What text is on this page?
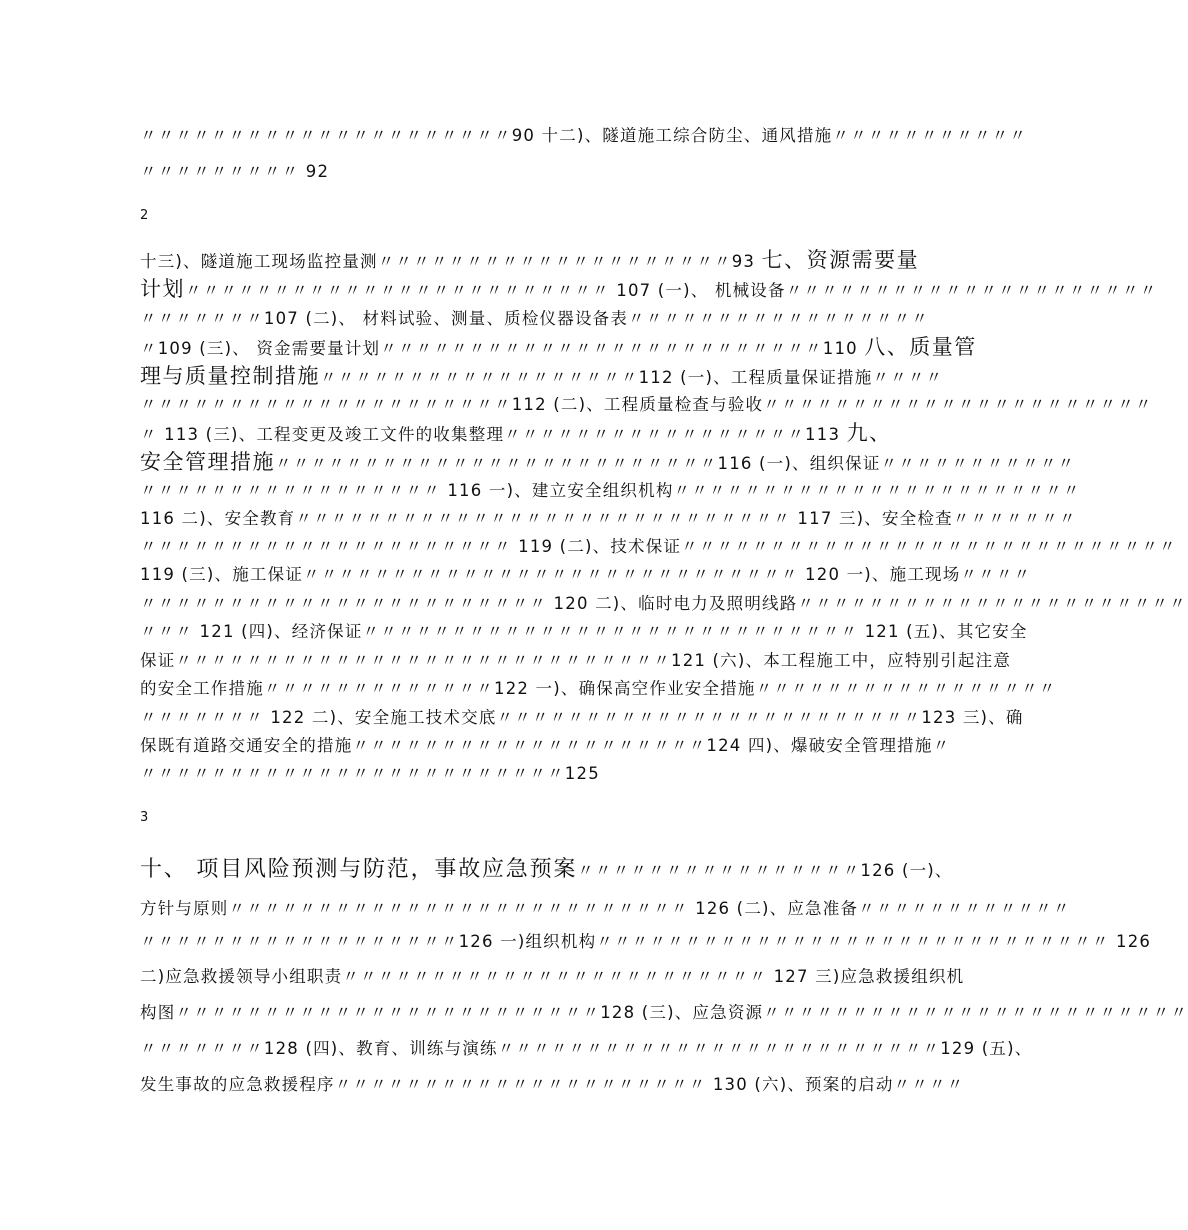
〃〃〃〃〃〃〃〃〃〃〃〃〃〃〃〃〃〃〃〃〃90 十二)、隧道施工综合防尘、通风措施〃〃〃〃〃〃〃〃〃〃〃
〃〃〃〃〃〃〃〃〃 92
2
十三)、隧道施工现场监控量测〃〃〃〃〃〃〃〃〃〃〃〃〃〃〃〃〃〃〃〃93 七、资源需要量
计划〃〃〃〃〃〃〃〃〃〃〃〃〃〃〃〃〃〃〃〃〃〃〃〃 107 (一)、 机械设备〃〃〃〃〃〃〃〃〃〃〃〃〃〃〃〃〃〃〃〃〃
〃〃〃〃〃〃〃107 (二)、 材料试验、测量、质检仪器设备表〃〃〃〃〃〃〃〃〃〃〃〃〃〃〃〃〃
〃109 (三)、 资金需要量计划〃〃〃〃〃〃〃〃〃〃〃〃〃〃〃〃〃〃〃〃〃〃〃〃〃110 八、质量管
理与质量控制措施〃〃〃〃〃〃〃〃〃〃〃〃〃〃〃〃〃〃112 (一)、工程质量保证措施〃〃〃〃
〃〃〃〃〃〃〃〃〃〃〃〃〃〃〃〃〃〃〃〃〃112 (二)、工程质量检查与验收〃〃〃〃〃〃〃〃〃〃〃〃〃〃〃〃〃〃〃〃〃〃
〃 113 (三)、工程变更及竣工文件的收集整理〃〃〃〃〃〃〃〃〃〃〃〃〃〃〃〃〃113 九、
安全管理措施〃〃〃〃〃〃〃〃〃〃〃〃〃〃〃〃〃〃〃〃〃〃〃〃〃116 (一)、组织保证〃〃〃〃〃〃〃〃〃〃〃
〃〃〃〃〃〃〃〃〃〃〃〃〃〃〃〃〃 116 一)、建立安全组织机构〃〃〃〃〃〃〃〃〃〃〃〃〃〃〃〃〃〃〃〃〃〃〃
116 二)、安全教育〃〃〃〃〃〃〃〃〃〃〃〃〃〃〃〃〃〃〃〃〃〃〃〃〃〃〃〃 117 三)、安全检查〃〃〃〃〃〃〃
〃〃〃〃〃〃〃〃〃〃〃〃〃〃〃〃〃〃〃〃〃 119 (二)、技术保证〃〃〃〃〃〃〃〃〃〃〃〃〃〃〃〃〃〃〃〃〃〃〃〃〃〃〃〃
119 (三)、施工保证〃〃〃〃〃〃〃〃〃〃〃〃〃〃〃〃〃〃〃〃〃〃〃〃〃〃〃〃 120 一)、施工现场〃〃〃〃
〃〃〃〃〃〃〃〃〃〃〃〃〃〃〃〃〃〃〃〃〃〃〃 120 二)、临时电力及照明线路〃〃〃〃〃〃〃〃〃〃〃〃〃〃〃〃〃〃〃〃〃〃
〃〃〃 121 (四)、经济保证〃〃〃〃〃〃〃〃〃〃〃〃〃〃〃〃〃〃〃〃〃〃〃〃〃〃〃〃 121 (五)、其它安全
保证〃〃〃〃〃〃〃〃〃〃〃〃〃〃〃〃〃〃〃〃〃〃〃〃〃〃〃〃121 (六)、本工程施工中，应特别引起注意
的安全工作措施〃〃〃〃〃〃〃〃〃〃〃〃〃122 一)、确保高空作业安全措施〃〃〃〃〃〃〃〃〃〃〃〃〃〃〃〃〃
〃〃〃〃〃〃〃 122 二)、安全施工技术交底〃〃〃〃〃〃〃〃〃〃〃〃〃〃〃〃〃〃〃〃〃〃〃〃123 三)、确
保既有道路交通安全的措施〃〃〃〃〃〃〃〃〃〃〃〃〃〃〃〃〃〃〃〃124 四)、爆破安全管理措施〃
〃〃〃〃〃〃〃〃〃〃〃〃〃〃〃〃〃〃〃〃〃〃〃〃125
3
十、 项目风险预测与防范，事故应急预案〃〃〃〃〃〃〃〃〃〃〃〃〃〃〃〃126 (一)、
方针与原则〃〃〃〃〃〃〃〃〃〃〃〃〃〃〃〃〃〃〃〃〃〃〃〃〃〃 126 (二)、应急准备〃〃〃〃〃〃〃〃〃〃〃〃
〃〃〃〃〃〃〃〃〃〃〃〃〃〃〃〃〃〃126 一)组织机构〃〃〃〃〃〃〃〃〃〃〃〃〃〃〃〃〃〃〃〃〃〃〃〃〃〃〃〃〃 126
二)应急救援领导小组职责〃〃〃〃〃〃〃〃〃〃〃〃〃〃〃〃〃〃〃〃〃〃〃〃 127 三)应急救援组织机
构图〃〃〃〃〃〃〃〃〃〃〃〃〃〃〃〃〃〃〃〃〃〃〃〃128 (三)、应急资源〃〃〃〃〃〃〃〃〃〃〃〃〃〃〃〃〃〃〃〃〃〃〃〃
〃〃〃〃〃〃〃128 (四)、教育、训练与演练〃〃〃〃〃〃〃〃〃〃〃〃〃〃〃〃〃〃〃〃〃〃〃〃〃129 (五)、
发生事故的应急救援程序〃〃〃〃〃〃〃〃〃〃〃〃〃〃〃〃〃〃〃〃〃 130 (六)、预案的启动〃〃〃〃
